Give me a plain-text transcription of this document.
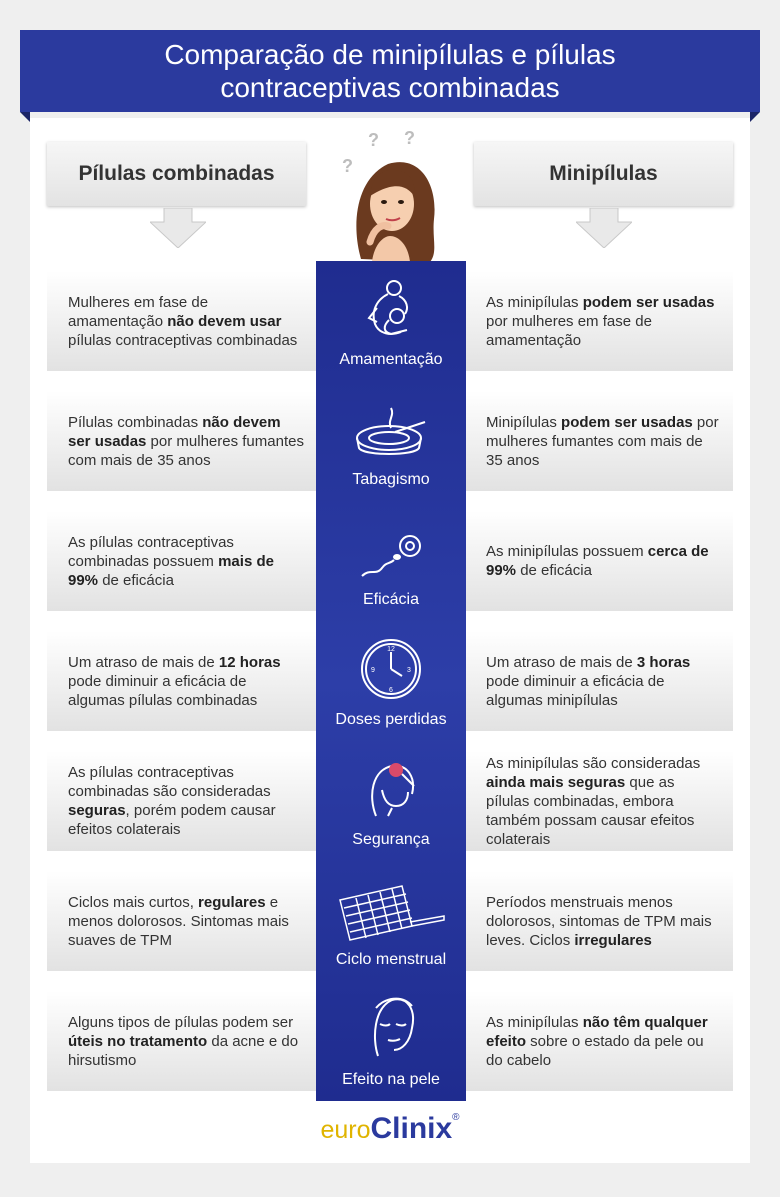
Comparação de minipílulas e pílulas contraceptivas combinadas
Pílulas combinadas	Minipílulas
? ?
?

Mulheres em fase de amamentação não devem usar pílulas contraceptivas combinadas

As minipílulas podem ser usadas por mulheres em fase de amamentação

Amamentação

Pílulas combinadas não devem ser usadas por mulheres fumantes com mais de 35 anos

Minipílulas podem ser usadas por mulheres fumantes com mais de 35 anos

Tabagismo

As pílulas contraceptivas combinadas possuem mais de 99% de eficácia

As minipílulas possuem cerca de 99% de eficácia

Eficácia

Um atraso de mais de 12 horas pode diminuir a eficácia de algumas pílulas combinadas

Um atraso de mais de 3 horas pode diminuir a eficácia de algumas minipílulas

12
3
6
9
Doses perdidas

As pílulas contraceptivas combinadas são consideradas seguras, porém podem causar efeitos colaterais

As minipílulas são consideradas ainda mais seguras que as pílulas combinadas, embora também possam causar efeitos colaterais

Segurança

Ciclos mais curtos, regulares e menos dolorosos. Sintomas mais suaves de TPM

Períodos menstruais menos dolorosos, sintomas de TPM mais leves. Ciclos irregulares

Ciclo menstrual

Alguns tipos de pílulas podem ser úteis no tratamento da acne e do hirsutismo

As minipílulas não têm qualquer efeito sobre o estado da pele ou do cabelo

Efeito na pele
euroClinix®
